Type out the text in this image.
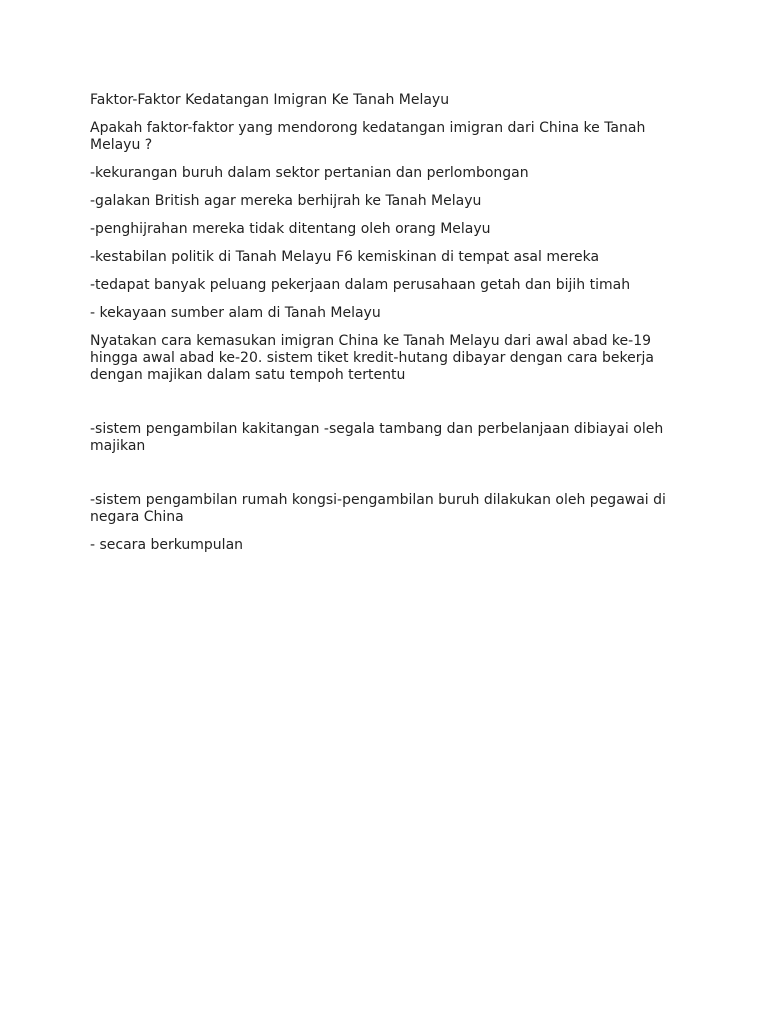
Faktor-Faktor Kedatangan Imigran Ke Tanah Melayu

Apakah faktor-faktor yang mendorong kedatangan imigran dari China ke Tanah Melayu ?

-kekurangan buruh dalam sektor pertanian dan perlombongan

-galakan British agar mereka berhijrah ke Tanah Melayu

-penghijrahan mereka tidak ditentang oleh orang Melayu

-kestabilan politik di Tanah Melayu F6 kemiskinan di tempat asal mereka

-tedapat banyak peluang pekerjaan dalam perusahaan getah dan bijih timah

- kekayaan sumber alam di Tanah Melayu

Nyatakan cara kemasukan imigran China ke Tanah Melayu dari awal abad ke-19 hingga awal abad ke-20. sistem tiket kredit-hutang dibayar dengan cara bekerja dengan majikan dalam satu tempoh tertentu

-sistem pengambilan kakitangan -segala tambang dan perbelanjaan dibiayai oleh majikan

-sistem pengambilan rumah kongsi-pengambilan buruh dilakukan oleh pegawai di negara China

- secara berkumpulan
